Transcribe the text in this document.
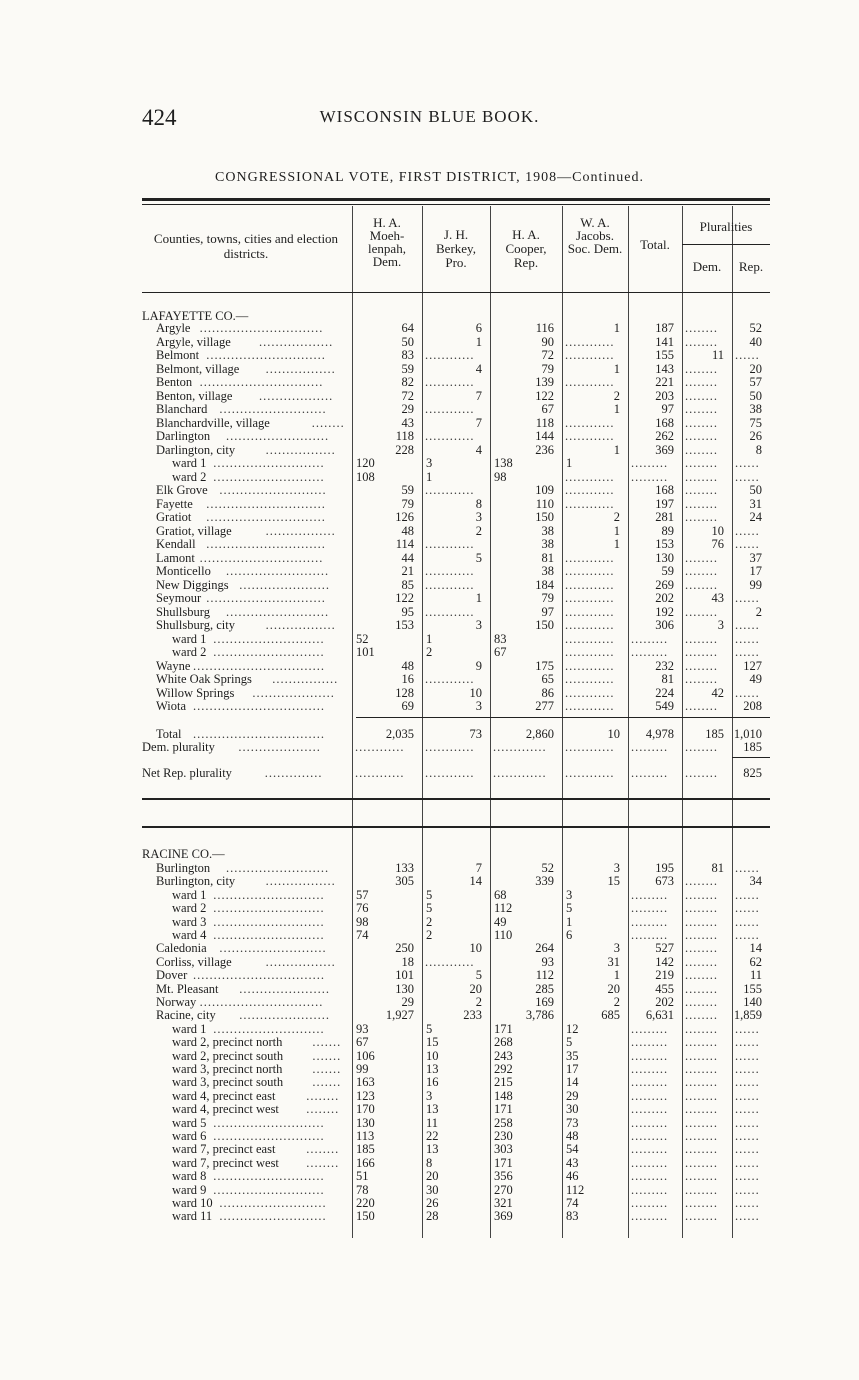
424	WISCONSIN BLUE BOOK.
CONGRESSIONAL VOTE, FIRST DISTRICT, 1908—Continued.
Counties, towns, cities and election districts.
H. A. Moeh- lenpah, Dem.
J. H. Berkey, Pro.
H. A. Cooper, Rep.
W. A. Jacobs. Soc. Dem.	Total.
Pluralities
Dem.	Rep.
LAFAYETTE CO.—
Argyle ..............................	64	6	116	1	187 ........	52
Argyle, village ..................	50	1	90 ............	141 ........	40
Belmont .............................	83 ............	72 ............	155	11 ......
Belmont, village .................	59	4	79	1	143 ........	20
Benton ..............................	82 ............	139 ............	221 ........	57
Benton, village ..................	72	7	122	2	203 ........	50
Blanchard ..........................	29 ............	67	1	97 ........	38
Blanchardville, village	........	43	7	118 ............	168 ........	75
Darlington .........................	118 ............	144 ............	262 ........	26
Darlington, city .................	228	4	236	1	369 ........	8
ward 1 ...........................	120	3	138	1	.........	........	......
ward 2 ...........................	108	1	98	............	.........	........	......
Elk Grove ..........................	59 ............	109 ............	168 ........	50
Fayette .............................	79	8	110 ............	197 ........	31
Gratiot .............................	126	3	150	2	281 ........	24
Gratiot, village	.................	48	2	38	1	89	10 ......
Kendall .............................	114 ............	38	1	153	76 ......
Lamont ..............................	44	5	81 ............	130 ........	37
Monticello .........................	21 ............	38 ............	59 ........	17
New Diggings ......................	85 ............	184 ............	269 ........	99
Seymour .............................	122	1	79 ............	202	43 ......
Shullsburg .........................	95 ............	97 ............	192 ........	2
Shullsburg, city .................	153	3	150 ............	306	3 ......
ward 1 ...........................	52	1	83	............	.........	........	......
ward 2 ...........................	101	2	67	............	.........	........	......
Wayne ................................	48	9	175 ............	232 ........	127
White Oak Springs ................	16 ............	65 ............	81 ........	49
Willow Springs ....................	128	10	86 ............	224	42 ......
Wiota ................................	69	3	277 ............	549 ........	208
Total ................................	2,035	73	2,860	10	4,978	185 1,010
Dem. plurality ....................	............	............	.............	............	.........	........	185
Net Rep. plurality	..............	............	............	.............	............	.........	........	825
RACINE CO.—
Burlington .........................	133	7	52	3	195	81 ......
Burlington, city .................	305	14	339	15	673 ........	34
ward 1 ...........................	57	5	68	3	.........	........	......
ward 2 ...........................	76	5	112	5	.........	........	......
ward 3 ...........................	98	2	49	1	.........	........	......
ward 4 ...........................	74	2	110	6	.........	........	......
Caledonia ..........................	250	10	264	3	527 ........	14
Corliss, village	.................	18 ............	93	31	142 ........	62
Dover ................................	101	5	112	1	219 ........	11
Mt. Pleasant ......................	130	20	285	20	455 ........	155
Norway ..............................	29	2	169	2	202 ........	140
Racine, city ......................	1,927	233	3,786	685	6,631 ........	1,859
ward 1 ...........................	93	5	171	12	.........	........	......
ward 2, precinct north ....... 67	15	268	5	.........	........	......
ward 2, precinct south ....... 106	10	243	35	.........	........	......
ward 3, precinct north ....... 99	13	292	17	.........	........	......
ward 3, precinct south ....... 163	16	215	14	.........	........	......
ward 4, precinct east ........ 123	3	148	29	.........	........	......
ward 4, precinct west ........ 170	13	171	30	.........	........	......
ward 5 ...........................	130	11	258	73	.........	........	......
ward 6 ...........................	113	22	230	48	.........	........	......
ward 7, precinct east ........ 185	13	303	54	.........	........	......
ward 7, precinct west ........ 166	8	171	43	.........	........	......
ward 8 ...........................	51	20	356	46	.........	........	......
ward 9 ...........................	78	30	270	112	.........	........	......
ward 10 .......................... 220	26	321	74	.........	........	......
ward 11 .......................... 150	28	369	83	.........	........	......
